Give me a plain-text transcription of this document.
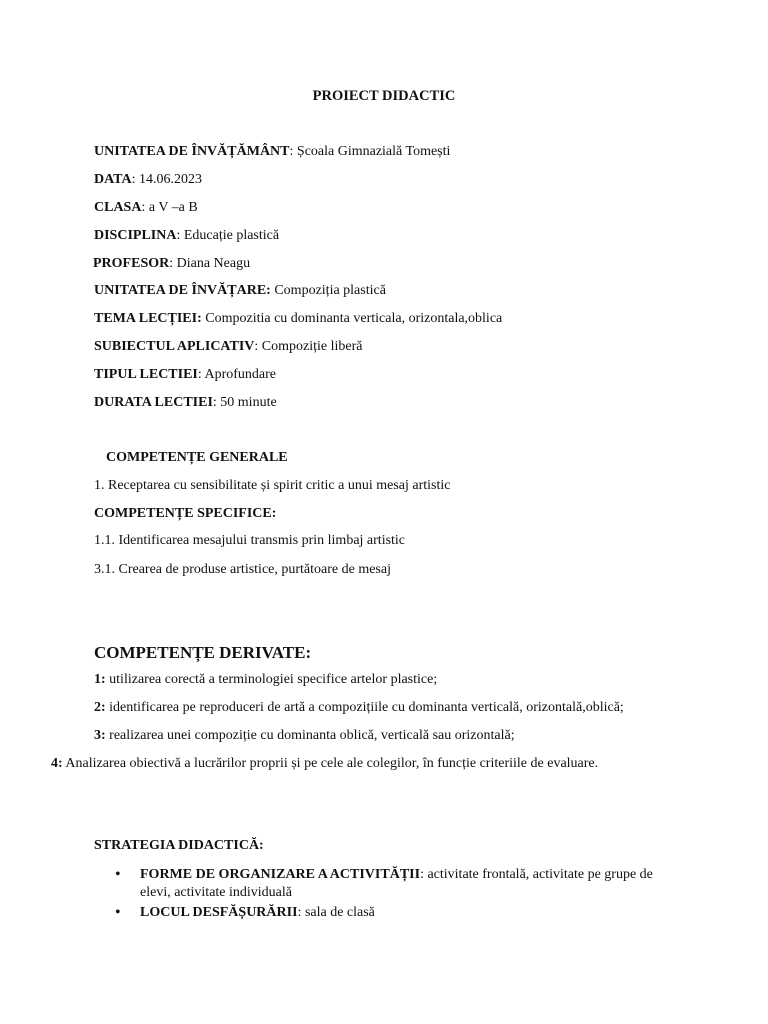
PROIECT DIDACTIC
UNITATEA DE ÎNVĂȚĂMÂNT: Școala Gimnazială Tomești
DATA: 14.06.2023
CLASA: a V –a B
DISCIPLINA: Educație plastică
PROFESOR: Diana Neagu
UNITATEA DE ÎNVĂȚARE: Compoziția plastică
TEMA LECȚIEI: Compozitia cu dominanta verticala, orizontala,oblica
SUBIECTUL APLICATIV: Compoziție liberă
TIPUL LECTIEI: Aprofundare
DURATA LECTIEI: 50 minute
COMPETENȚE GENERALE
1. Receptarea cu sensibilitate și spirit critic a unui mesaj artistic
COMPETENȚE SPECIFICE:
1.1. Identificarea mesajului transmis prin limbaj artistic
3.1. Crearea de produse artistice, purtătoare de mesaj
COMPETENȚE DERIVATE:
1: utilizarea corectă a terminologiei specifice artelor plastice;
2: identificarea pe reproduceri de artă a compozițiile cu dominanta verticală, orizontală,oblică;
3: realizarea unei compoziție cu dominanta oblică, verticală sau orizontală;
4: Analizarea obiectivă a lucrărilor proprii și pe cele ale colegilor, în funcție criteriile de evaluare.
STRATEGIA DIDACTICĂ:
• FORME DE ORGANIZARE A ACTIVITĂȚII: activitate frontală, activitate pe grupe de
elevi, activitate individuală
• LOCUL DESFĂȘURĂRII: sala de clasă
